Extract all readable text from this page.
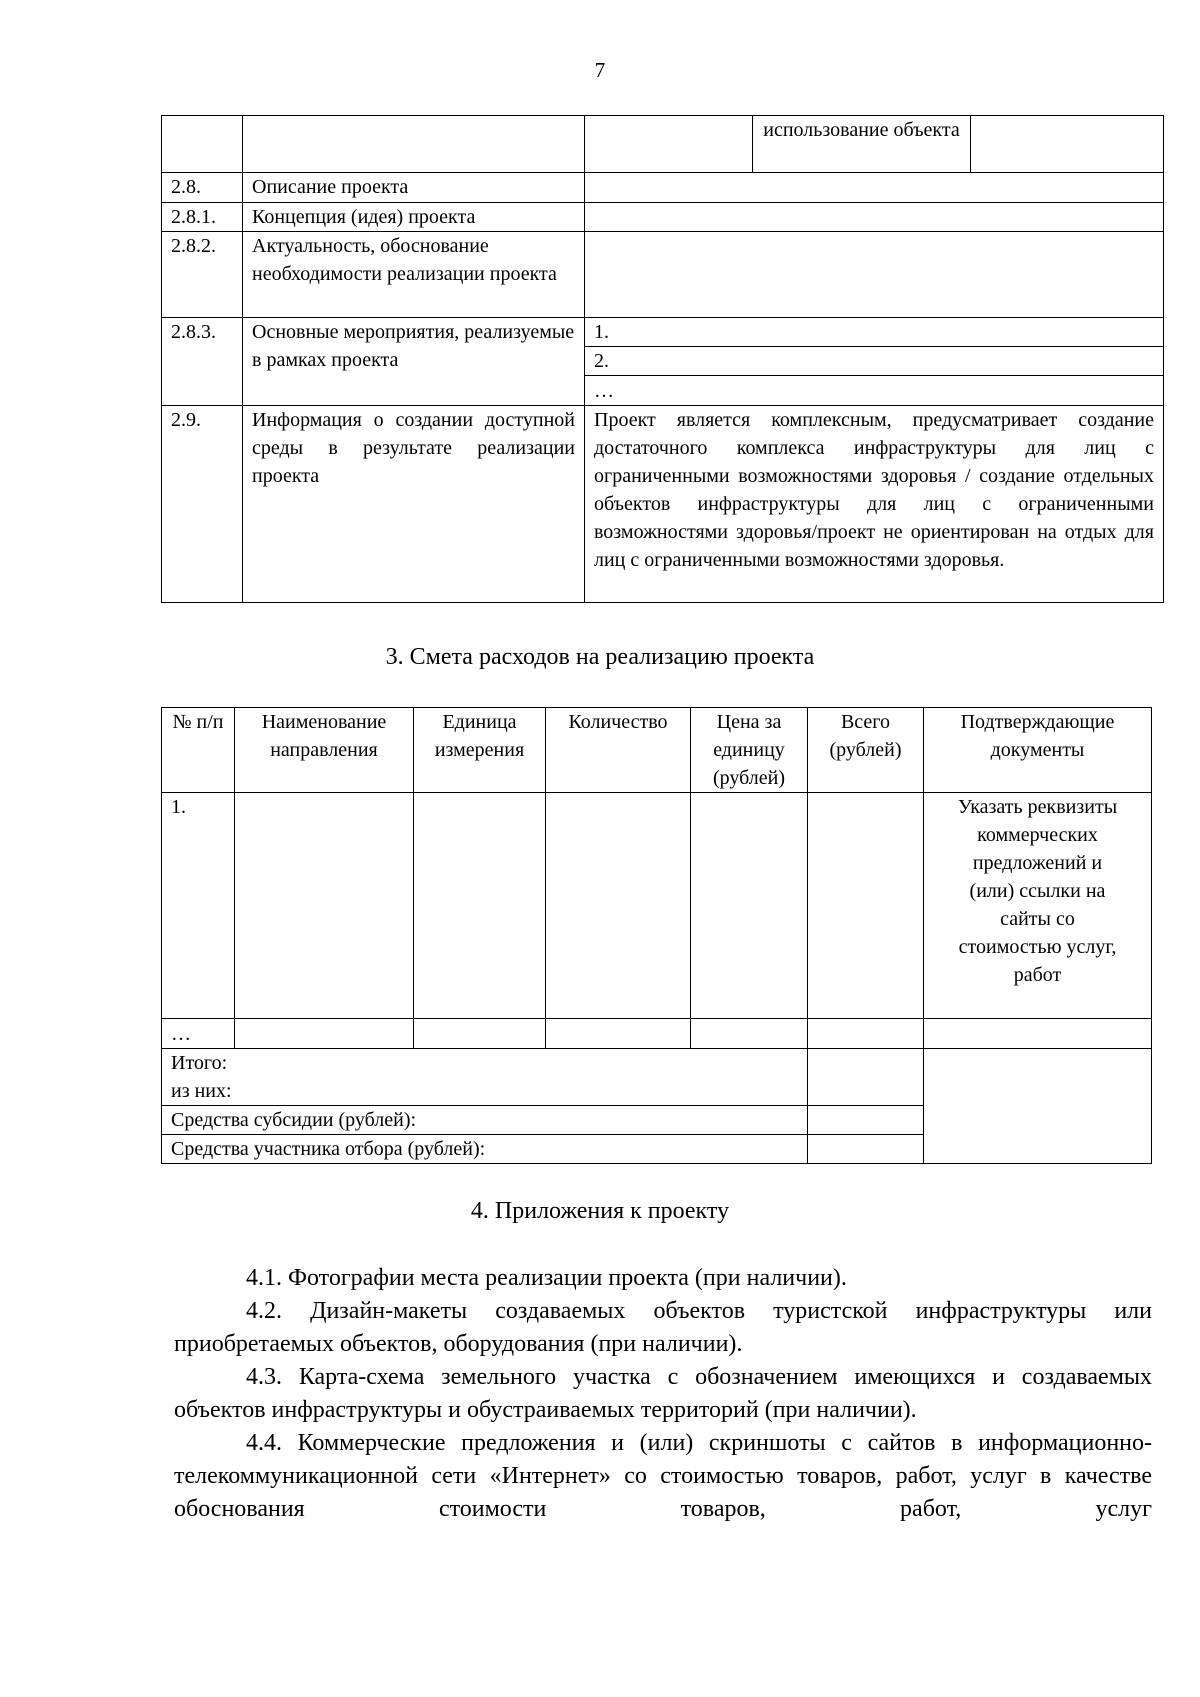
7
			использование объекта	
2.8.	Описание проекта			
2.8.1.	Концепция (идея) проекта			
2.8.2.	Актуальность, обоснование необходимости реализации проекта			
2.8.3.	Основные мероприятия, реализуемые в рамках проекта	1.		
		2.		
		…		
2.9.	Информация о создании доступной среды в результате реализации проекта	Проект является комплексным, предусматривает создание достаточного комплекса инфраструктуры для лиц с ограниченными возможностями здоровья / создание отдельных объектов инфраструктуры для лиц с ограниченными возможностями здоровья/проект не ориентирован на отдых для лиц с ограниченными возможностями здоровья.		
3. Смета расходов на реализацию проекта
№ п/п	Наименование направления	Единица измерения	Количество	Цена за единицу (рублей)	Всего (рублей)	Подтверждающие документы
1.						Указать реквизиты коммерческих предложений и (или) ссылки на сайты со стоимостью услуг, работ
…						

Итого:
из них:						

Средства субсидии (рублей):						
Средства участника отбора (рублей):						
4. Приложения к проекту

4.1. Фотографии места реализации проекта (при наличии).

4.2. Дизайн-макеты создаваемых объектов туристской инфраструктуры или приобретаемых объектов, оборудования (при наличии).

4.3. Карта-схема земельного участка с обозначением имеющихся и создаваемых объектов инфраструктуры и обустраиваемых территорий (при наличии).

4.4. Коммерческие предложения и (или) скриншоты с сайтов в информационно-телекоммуникационной сети «Интернет» со стоимостью товаров, работ, услуг в качестве обоснования стоимости товаров, работ, услуг
